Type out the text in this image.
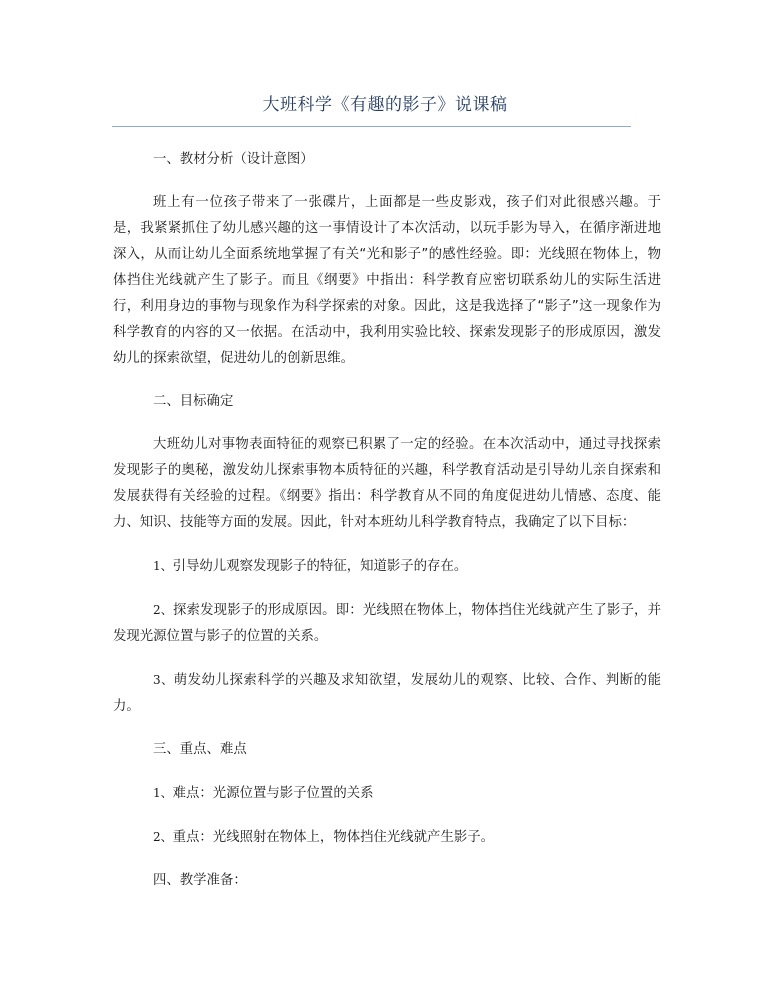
大班科学《有趣的影子》说课稿

一、教材分析（设计意图）

班上有一位孩子带来了一张碟片，上面都是一些皮影戏，孩子们对此很感兴趣。于是，我紧紧抓住了幼儿感兴趣的这一事情设计了本次活动，以玩手影为导入，在循序渐进地深入，从而让幼儿全面系统地掌握了有关“光和影子”的感性经验。即：光线照在物体上，物体挡住光线就产生了影子。而且《纲要》中指出：科学教育应密切联系幼儿的实际生活进行，利用身边的事物与现象作为科学探索的对象。因此，这是我选择了“影子”这一现象作为科学教育的内容的又一依据。在活动中，我利用实验比较、探索发现影子的形成原因，激发幼儿的探索欲望，促进幼儿的创新思维。

二、目标确定

大班幼儿对事物表面特征的观察已积累了一定的经验。在本次活动中，通过寻找探索发现影子的奥秘，激发幼儿探索事物本质特征的兴趣，科学教育活动是引导幼儿亲自探索和发展获得有关经验的过程。《纲要》指出：科学教育从不同的角度促进幼儿情感、态度、能力、知识、技能等方面的发展。因此，针对本班幼儿科学教育特点，我确定了以下目标：

1、引导幼儿观察发现影子的特征，知道影子的存在。

2、探索发现影子的形成原因。即：光线照在物体上，物体挡住光线就产生了影子，并发现光源位置与影子的位置的关系。

3、萌发幼儿探索科学的兴趣及求知欲望，发展幼儿的观察、比较、合作、判断的能力。

三、重点、难点

1、难点：光源位置与影子位置的关系

2、重点：光线照射在物体上，物体挡住光线就产生影子。

四、教学准备：
